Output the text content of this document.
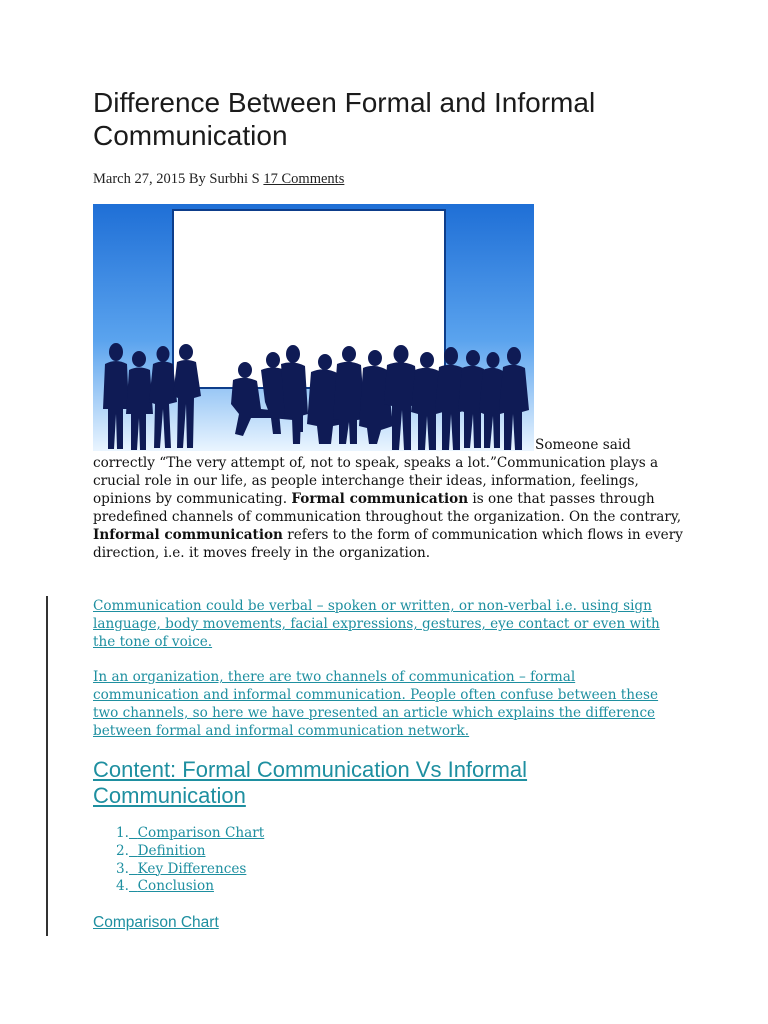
Difference Between Formal and Informal Communication
March 27, 2015 By Surbhi S 17 Comments

Someone said correctly “The very attempt of, not to speak, speaks a lot.”Communication plays a crucial role in our life, as people interchange their ideas, information, feelings, opinions by communicating. Formal communication is one that passes through predefined channels of communication throughout the organization. On the contrary, Informal communication refers to the form of communication which flows in every direction, i.e. it moves freely in the organization.

Communication could be verbal – spoken or written, or non-verbal i.e. using sign language, body movements, facial expressions, gestures, eye contact or even with the tone of voice.

In an organization, there are two channels of communication – formal communication and informal communication. People often confuse between these two channels, so here we have presented an article which explains the difference between formal and informal communication network.

Content: Formal Communication Vs Informal Communication
1. Comparison Chart
2. Definition
3. Key Differences
4. Conclusion
Comparison Chart
